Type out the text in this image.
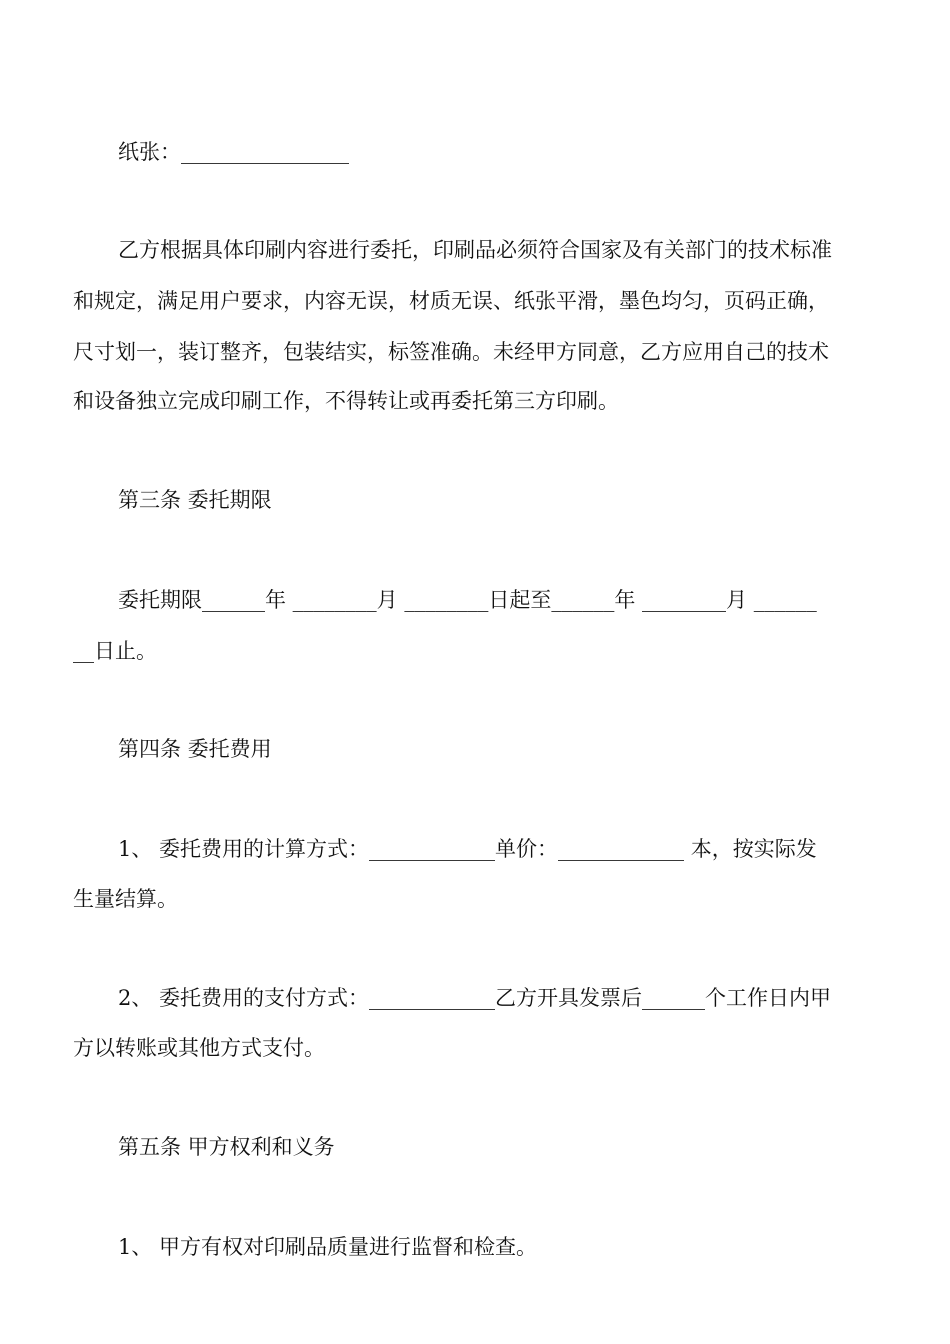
纸张：________________
乙方根据具体印刷内容进行委托，印刷品必须符合国家及有关部门的技术标准
和规定，满足用户要求，内容无误，材质无误、纸张平滑，墨色均匀，页码正确，
尺寸划一，装订整齐，包装结实，标签准确。未经甲方同意，乙方应用自己的技术
和设备独立完成印刷工作，不得转让或再委托第三方印刷。
第三条 委托期限
委托期限______年 ________月 ________日起至______年 ________月 ______
__日止。
第四条 委托费用
1、 委托费用的计算方式：____________单价：____________ 本，按实际发
生量结算。
2、 委托费用的支付方式：____________乙方开具发票后______个工作日内甲
方以转账或其他方式支付。
第五条 甲方权利和义务
1、 甲方有权对印刷品质量进行监督和检查。
